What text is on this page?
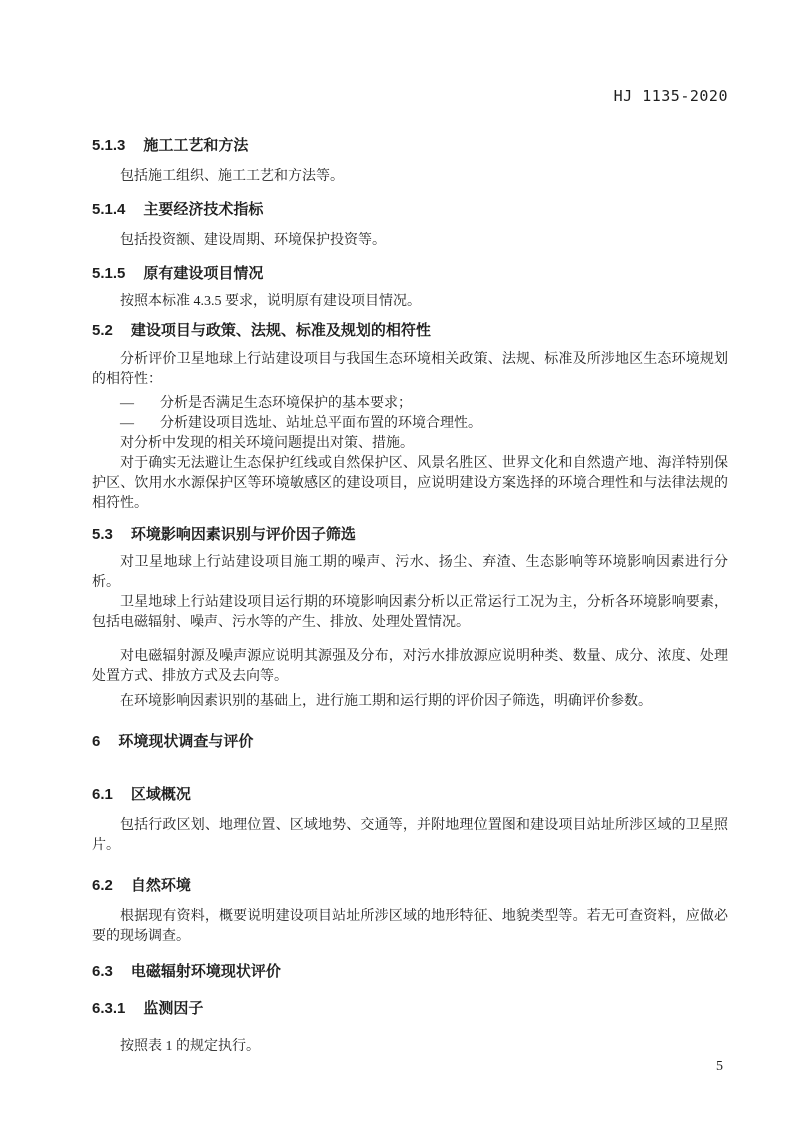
HJ 1135-2020

5.1.3 施工工艺和方法

包括施工组织、施工工艺和方法等。

5.1.4 主要经济技术指标

包括投资额、建设周期、环境保护投资等。

5.1.5 原有建设项目情况

按照本标准 4.3.5 要求，说明原有建设项目情况。

5.2 建设项目与政策、法规、标准及规划的相符性

分析评价卫星地球上行站建设项目与我国生态环境相关政策、法规、标准及所涉地区生态环境规划的相符性：

— 分析是否满足生态环境保护的基本要求；

— 分析建设项目选址、站址总平面布置的环境合理性。

对分析中发现的相关环境问题提出对策、措施。

对于确实无法避让生态保护红线或自然保护区、风景名胜区、世界文化和自然遗产地、海洋特别保护区、饮用水水源保护区等环境敏感区的建设项目，应说明建设方案选择的环境合理性和与法律法规的相符性。

5.3 环境影响因素识别与评价因子筛选

对卫星地球上行站建设项目施工期的噪声、污水、扬尘、弃渣、生态影响等环境影响因素进行分析。

卫星地球上行站建设项目运行期的环境影响因素分析以正常运行工况为主，分析各环境影响要素，包括电磁辐射、噪声、污水等的产生、排放、处理处置情况。

对电磁辐射源及噪声源应说明其源强及分布，对污水排放源应说明种类、数量、成分、浓度、处理处置方式、排放方式及去向等。

在环境影响因素识别的基础上，进行施工期和运行期的评价因子筛选，明确评价参数。

6 环境现状调查与评价

6.1 区域概况

包括行政区划、地理位置、区域地势、交通等，并附地理位置图和建设项目站址所涉区域的卫星照片。

6.2 自然环境

根据现有资料，概要说明建设项目站址所涉区域的地形特征、地貌类型等。若无可查资料，应做必要的现场调查。

6.3 电磁辐射环境现状评价

6.3.1 监测因子

按照表 1 的规定执行。

5
